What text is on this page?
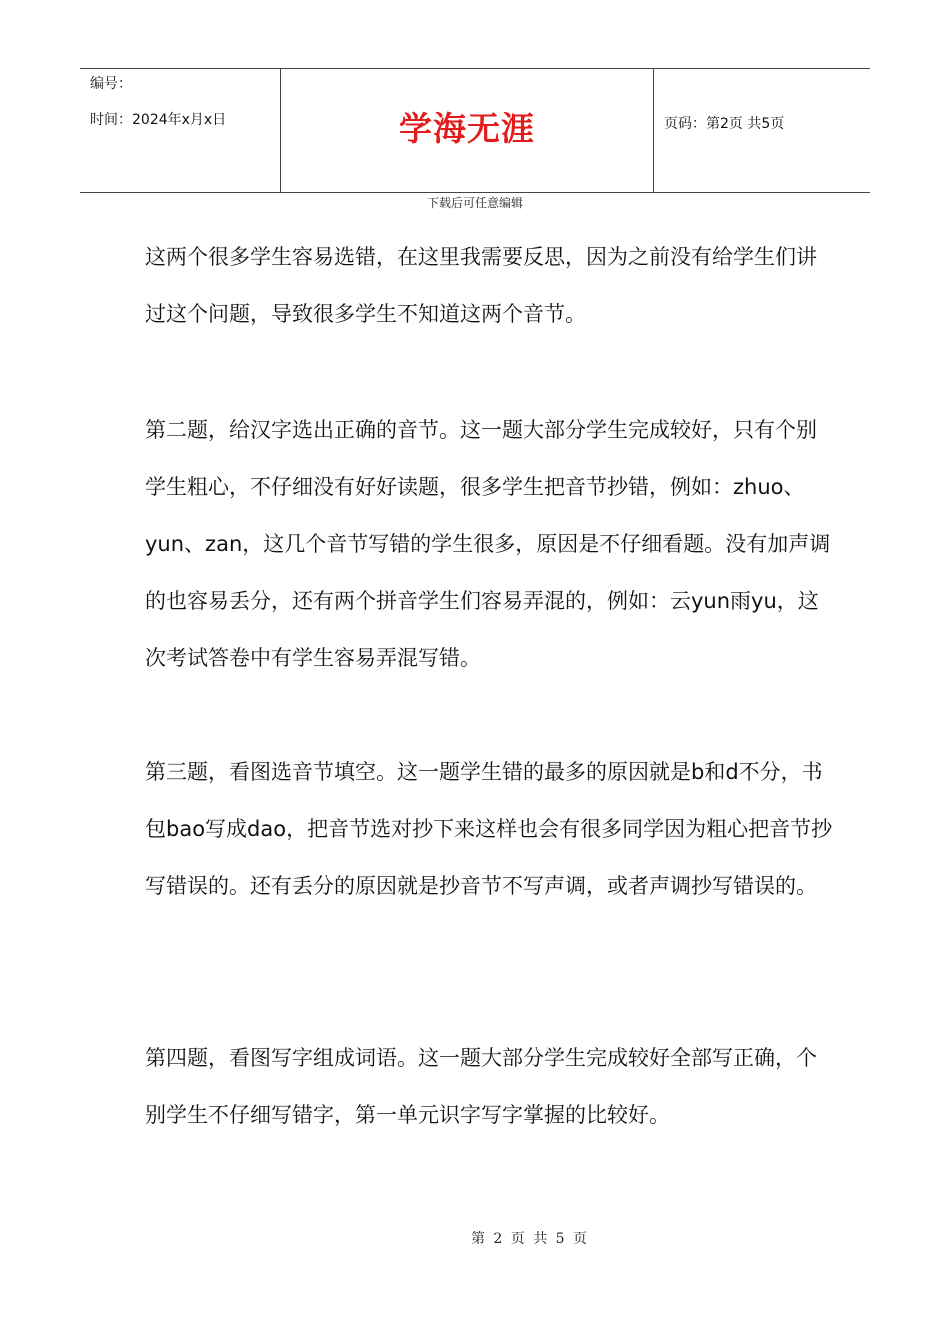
编号：
时间：2024年x月x日	学海无涯	页码：第2页 共5页
下载后可任意编辑

这两个很多学生容易选错，在这里我需要反思，因为之前没有给学生们讲过这个问题，导致很多学生不知道这两个音节。

第二题，给汉字选出正确的音节。这一题大部分学生完成较好，只有个别学生粗心，不仔细没有好好读题，很多学生把音节抄错，例如：zhuo、yun、zan，这几个音节写错的学生很多，原因是不仔细看题。没有加声调的也容易丢分，还有两个拼音学生们容易弄混的，例如：云yun雨yu，这次考试答卷中有学生容易弄混写错。

第三题，看图选音节填空。这一题学生错的最多的原因就是b和d不分，书包bao写成dao，把音节选对抄下来这样也会有很多同学因为粗心把音节抄写错误的。还有丢分的原因就是抄音节不写声调，或者声调抄写错误的。

第四题，看图写字组成词语。这一题大部分学生完成较好全部写正确，个别学生不仔细写错字，第一单元识字写字掌握的比较好。

第 2 页 共 5 页
